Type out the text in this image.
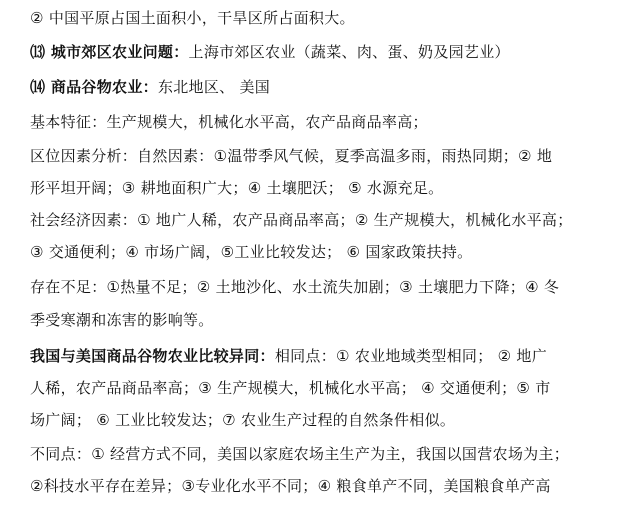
② 中国平原占国土面积小，干旱区所占面积大。
⒀ 城市郊区农业问题：上海市郊区农业（蔬菜、肉、蛋、奶及园艺业）
⒁ 商品谷物农业：东北地区、 美国
基本特征：生产规模大，机械化水平高，农产品商品率高；
区位因素分析：自然因素：①温带季风气候，夏季高温多雨，雨热同期；② 地
形平坦开阔；③ 耕地面积广大；④ 土壤肥沃； ⑤ 水源充足。
社会经济因素：① 地广人稀，农产品商品率高；② 生产规模大，机械化水平高；
③ 交通便利；④ 市场广阔，⑤工业比较发达； ⑥ 国家政策扶持。
存在不足：①热量不足；② 土地沙化、水土流失加剧；③ 土壤肥力下降；④ 冬
季受寒潮和冻害的影响等。
我国与美国商品谷物农业比较异同：相同点：① 农业地域类型相同； ② 地广
人稀，农产品商品率高；③ 生产规模大，机械化水平高； ④ 交通便利；⑤ 市
场广阔； ⑥ 工业比较发达；⑦ 农业生产过程的自然条件相似。
不同点：① 经营方式不同，美国以家庭农场主生产为主，我国以国营农场为主；
②科技水平存在差异；③专业化水平不同；④ 粮食单产不同，美国粮食单产高
